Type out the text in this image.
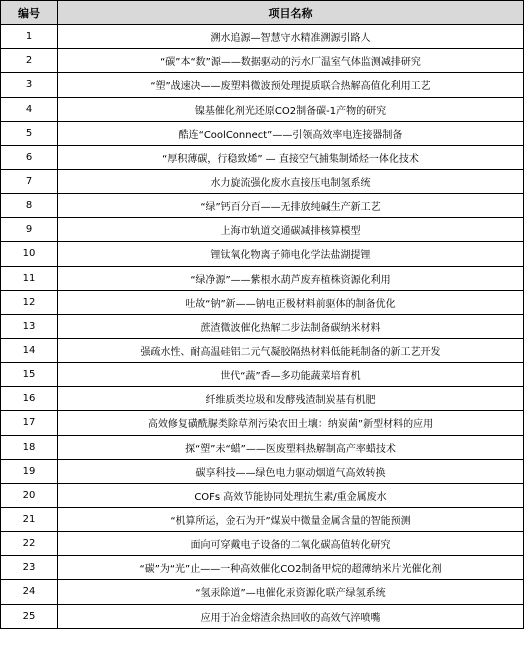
编号	项目名称
1	溯水追源—智慧守水精准溯源引路人
2	“碳”本“数”源——数据驱动的污水厂温室气体监测减排研究
3	“塑”战速决——废塑料微波预处理提质联合热解高值化利用工艺
4	镍基催化剂光还原CO2制备碳-1产物的研究
5	酷连“CoolConnect”——引领高效率电连接器制备
6	“厚积薄碳，行稳致烯” — 直接空气捕集制烯烃一体化技术
7	水力旋流强化废水直接压电制氢系统
8	“绿”钙百分百——无排放纯碱生产新工艺
9	上海市轨道交通碳减排核算模型
10	锂钛氧化物离子筛电化学法盐湖提锂
11	“绿净源”——紫根水葫芦废弃植株资源化利用
12	吐故“钠”新——钠电正极材料前驱体的制备优化
13	蔗渣微波催化热解二步法制备碳纳米材料
14	强疏水性、耐高温硅铝二元气凝胶隔热材料低能耗制备的新工艺开发
15	世代“蔬”香—多功能蔬菜培育机
16	纤维质类垃圾和发酵残渣制炭基有机肥
17	高效修复磺酰脲类除草剂污染农田土壤：纳炭菌”新型材料的应用
18	探“塑”未“蜡”——医废塑料热解制高产率蜡技术
19	碳享科技——绿色电力驱动烟道气高效转换
20	COFs 高效节能协同处理抗生素/重金属废水
21	“机算所运，金石为开”煤炭中微量金属含量的智能预测
22	面向可穿戴电子设备的二氧化碳高值转化研究
23	“碳”为“光”止——一种高效催化CO2制备甲烷的超薄纳米片光催化剂
24	“氢汞除道”—电催化汞资源化联产绿氢系统
25	应用于冶金熔渣余热回收的高效气淬喷嘴
